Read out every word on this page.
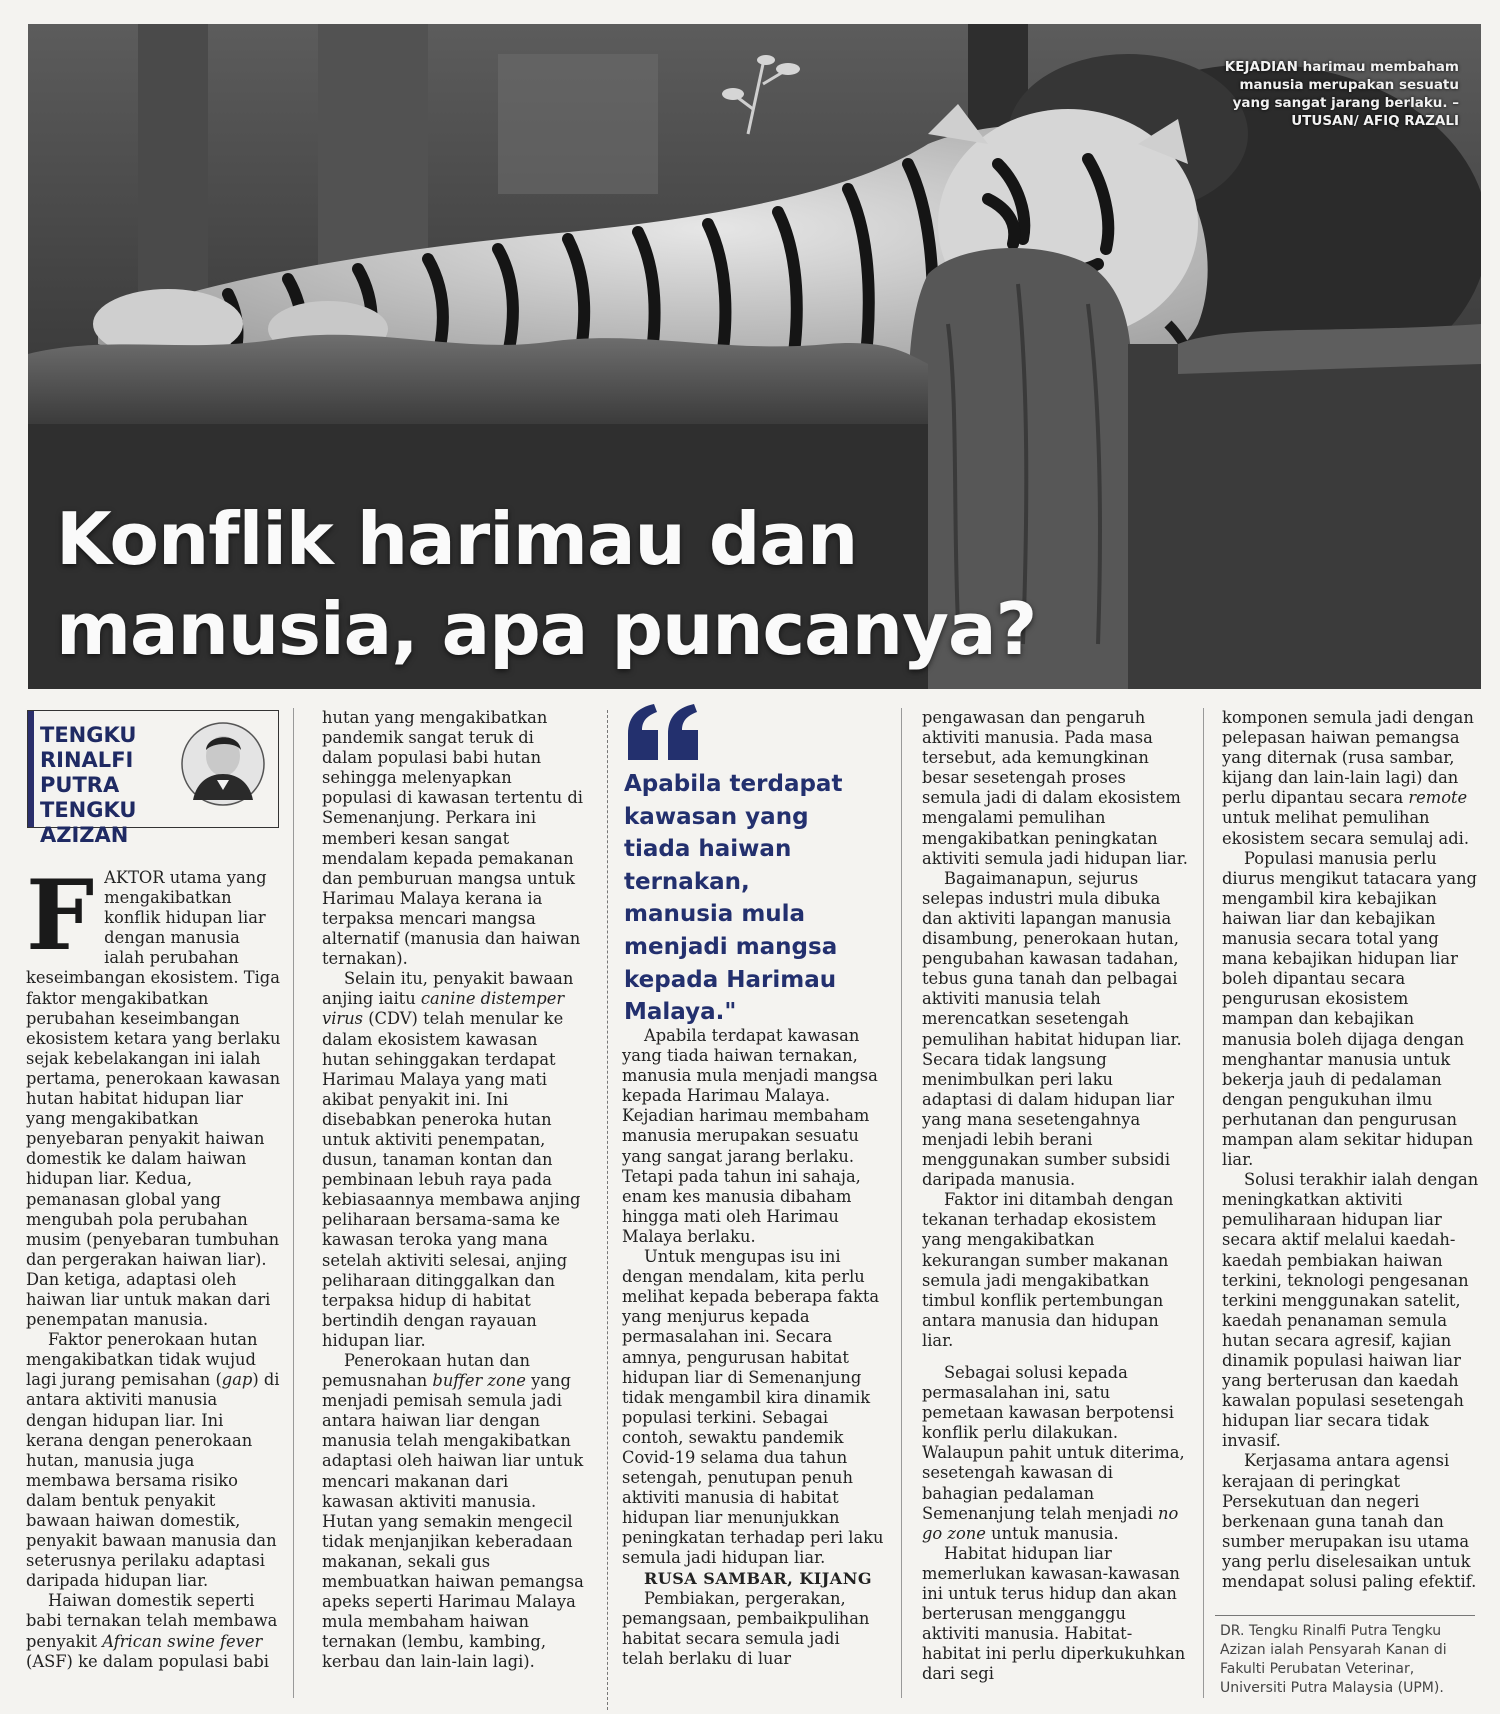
KEJADIAN harimau membaham manusia merupakan sesuatu yang sangat jarang berlaku. – UTUSAN/ AFIQ RAZALI
Konflik harimau dan
manusia, apa puncanya?
TENGKU
RINALFI
PUTRA
TENGKU AZIZAN

FAKTOR utama yang mengakibatkan konflik hidupan liar dengan manusia ialah perubahan keseimbangan ekosistem. Tiga faktor mengakibatkan perubahan keseimbangan ekosistem ketara yang berlaku sejak kebelakangan ini ialah pertama, penerokaan kawasan hutan habitat hidupan liar yang mengakibatkan penyebaran penyakit haiwan domestik ke dalam haiwan hidupan liar. Kedua, pemanasan global yang mengubah pola perubahan musim (penyebaran tumbuhan dan pergerakan haiwan liar). Dan ketiga, adaptasi oleh haiwan liar untuk makan dari penempatan manusia.

Faktor penerokaan hutan mengakibatkan tidak wujud lagi jurang pemisahan (gap) di antara aktiviti manusia dengan hidupan liar. Ini kerana dengan penerokaan hutan, manusia juga membawa bersama risiko dalam bentuk penyakit bawaan haiwan domestik, penyakit bawaan manusia dan seterusnya perilaku adaptasi daripada hidupan liar.

Haiwan domestik seperti babi ternakan telah membawa penyakit African swine fever (ASF) ke dalam populasi babi

hutan yang mengakibatkan pandemik sangat teruk di dalam populasi babi hutan sehingga melenyapkan populasi di kawasan tertentu di Semenanjung. Perkara ini memberi kesan sangat mendalam kepada pemakanan dan pemburuan mangsa untuk Harimau Malaya kerana ia terpaksa mencari mangsa alternatif (manusia dan haiwan ternakan).

Selain itu, penyakit bawaan anjing iaitu canine distemper virus (CDV) telah menular ke dalam ekosistem kawasan hutan sehinggakan terdapat Harimau Malaya yang mati akibat penyakit ini. Ini disebabkan peneroka hutan untuk aktiviti penempatan, dusun, tanaman kontan dan pembinaan lebuh raya pada kebiasaannya membawa anjing peliharaan bersama-sama ke kawasan teroka yang mana setelah aktiviti selesai, anjing peliharaan ditinggalkan dan terpaksa hidup di habitat bertindih dengan rayauan hidupan liar.

Penerokaan hutan dan pemusnahan buffer zone yang menjadi pemisah semula jadi antara haiwan liar dengan manusia telah mengakibatkan adaptasi oleh haiwan liar untuk mencari makanan dari kawasan aktiviti manusia. Hutan yang semakin mengecil tidak menjanjikan keberadaan makanan, sekali gus membuatkan haiwan pemangsa apeks seperti Harimau Malaya mula membaham haiwan ternakan (lembu, kambing, kerbau dan lain-lain lagi).

Apabila terdapat kawasan yang tiada haiwan ternakan, manusia mula menjadi mangsa kepada Harimau Malaya."

Apabila terdapat kawasan yang tiada haiwan ternakan, manusia mula menjadi mangsa kepada Harimau Malaya. Kejadian harimau membaham manusia merupakan sesuatu yang sangat jarang berlaku. Tetapi pada tahun ini sahaja, enam kes manusia dibaham hingga mati oleh Harimau Malaya berlaku.

Untuk mengupas isu ini dengan mendalam, kita perlu melihat kepada beberapa fakta yang menjurus kepada permasalahan ini. Secara amnya, pengurusan habitat hidupan liar di Semenanjung tidak mengambil kira dinamik populasi terkini. Sebagai contoh, sewaktu pandemik Covid-19 selama dua tahun setengah, penutupan penuh aktiviti manusia di habitat hidupan liar menunjukkan peningkatan terhadap peri laku semula jadi hidupan liar.

RUSA SAMBAR, KIJANG

Pembiakan, pergerakan, pemangsaan, pembaikpulihan habitat secara semula jadi telah berlaku di luar

pengawasan dan pengaruh aktiviti manusia. Pada masa tersebut, ada kemungkinan besar sesetengah proses semula jadi di dalam ekosistem mengalami pemulihan mengakibatkan peningkatan aktiviti semula jadi hidupan liar.

Bagaimanapun, sejurus selepas industri mula dibuka dan aktiviti lapangan manusia disambung, penerokaan hutan, pengubahan kawasan tadahan, tebus guna tanah dan pelbagai aktiviti manusia telah merencatkan sesetengah pemulihan habitat hidupan liar. Secara tidak langsung menimbulkan peri laku adaptasi di dalam hidupan liar yang mana sesetengahnya menjadi lebih berani menggunakan sumber subsidi daripada manusia.

Faktor ini ditambah dengan tekanan terhadap ekosistem yang mengakibatkan kekurangan sumber makanan semula jadi mengakibatkan timbul konflik pertembungan antara manusia dan hidupan liar.

Sebagai solusi kepada permasalahan ini, satu pemetaan kawasan berpotensi konflik perlu dilakukan. Walaupun pahit untuk diterima, sesetengah kawasan di bahagian pedalaman Semenanjung telah menjadi no go zone untuk manusia.

Habitat hidupan liar memerlukan kawasan-kawasan ini untuk terus hidup dan akan berterusan mengganggu aktiviti manusia. Habitat-habitat ini perlu diperkukuhkan dari segi

komponen semula jadi dengan pelepasan haiwan pemangsa yang diternak (rusa sambar, kijang dan lain-lain lagi) dan perlu dipantau secara remote untuk melihat pemulihan ekosistem secara semulaj adi.

Populasi manusia perlu diurus mengikut tatacara yang mengambil kira kebajikan haiwan liar dan kebajikan manusia secara total yang mana kebajikan hidupan liar boleh dipantau secara pengurusan ekosistem mampan dan kebajikan manusia boleh dijaga dengan menghantar manusia untuk bekerja jauh di pedalaman dengan pengukuhan ilmu perhutanan dan pengurusan mampan alam sekitar hidupan liar.

Solusi terakhir ialah dengan meningkatkan aktiviti pemuliharaan hidupan liar secara aktif melalui kaedah-kaedah pembiakan haiwan terkini, teknologi pengesanan terkini menggunakan satelit, kaedah penanaman semula hutan secara agresif, kajian dinamik populasi haiwan liar yang berterusan dan kaedah kawalan populasi sesetengah hidupan liar secara tidak invasif.

Kerjasama antara agensi kerajaan di peringkat Persekutuan dan negeri berkenaan guna tanah dan sumber merupakan isu utama yang perlu diselesaikan untuk mendapat solusi paling efektif.

DR. Tengku Rinalfi Putra Tengku Azizan ialah Pensyarah Kanan di Fakulti Perubatan Veterinar, Universiti Putra Malaysia (UPM).
